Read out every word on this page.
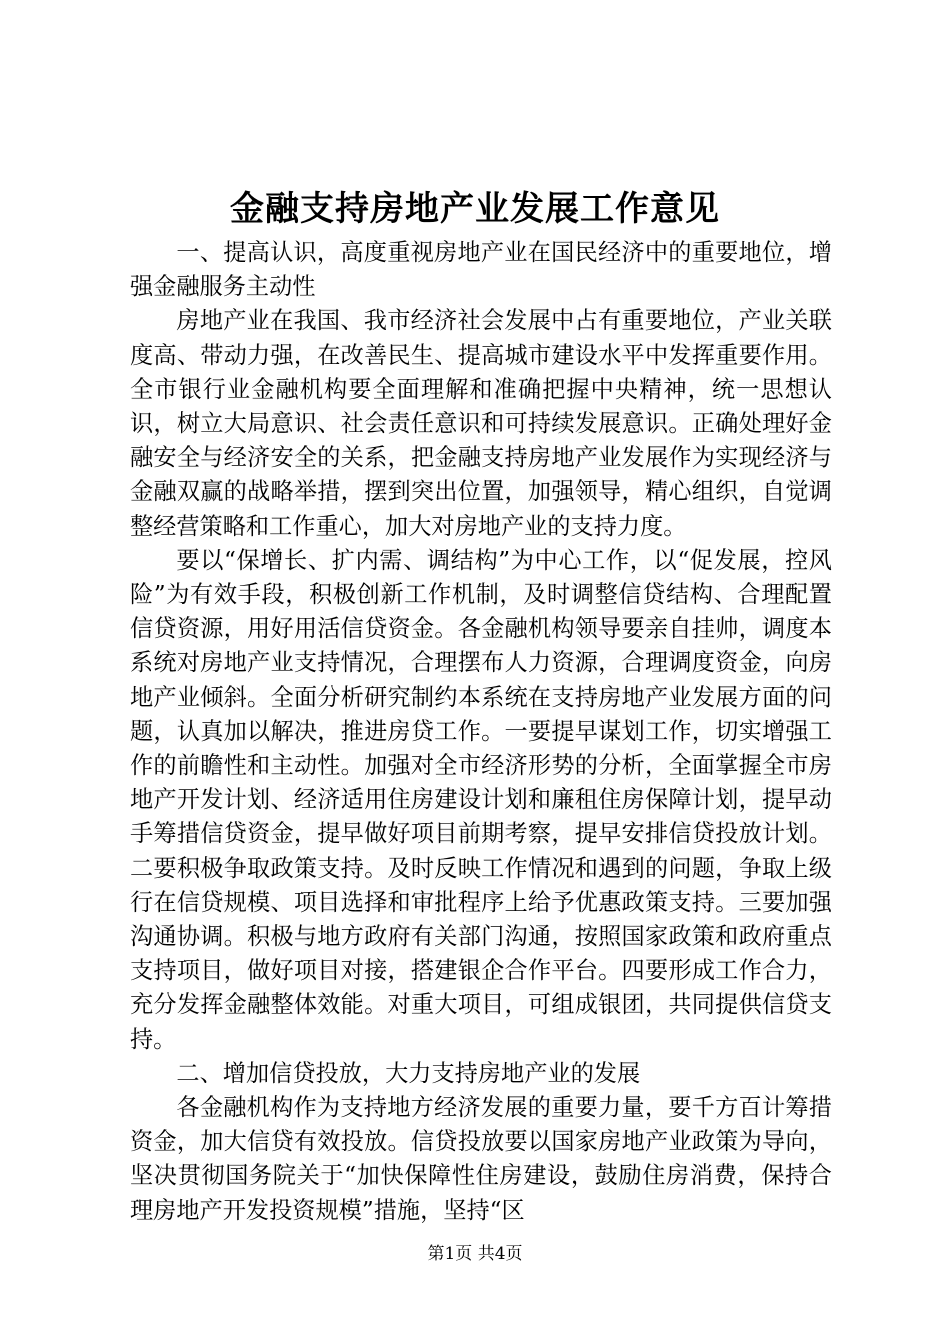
金融支持房地产业发展工作意见

一、提高认识，高度重视房地产业在国民经济中的重要地位，增强金融服务主动性

房地产业在我国、我市经济社会发展中占有重要地位，产业关联度高、带动力强，在改善民生、提高城市建设水平中发挥重要作用。全市银行业金融机构要全面理解和准确把握中央精神，统一思想认识，树立大局意识、社会责任意识和可持续发展意识。正确处理好金融安全与经济安全的关系，把金融支持房地产业发展作为实现经济与金融双赢的战略举措，摆到突出位置，加强领导，精心组织，自觉调整经营策略和工作重心，加大对房地产业的支持力度。

要以“保增长、扩内需、调结构”为中心工作，以“促发展，控风险”为有效手段，积极创新工作机制，及时调整信贷结构、合理配置信贷资源，用好用活信贷资金。各金融机构领导要亲自挂帅，调度本系统对房地产业支持情况，合理摆布人力资源，合理调度资金，向房地产业倾斜。全面分析研究制约本系统在支持房地产业发展方面的问题，认真加以解决，推进房贷工作。一要提早谋划工作，切实增强工作的前瞻性和主动性。加强对全市经济形势的分析，全面掌握全市房地产开发计划、经济适用住房建设计划和廉租住房保障计划，提早动手筹措信贷资金，提早做好项目前期考察，提早安排信贷投放计划。二要积极争取政策支持。及时反映工作情况和遇到的问题，争取上级行在信贷规模、项目选择和审批程序上给予优惠政策支持。三要加强沟通协调。积极与地方政府有关部门沟通，按照国家政策和政府重点支持项目，做好项目对接，搭建银企合作平台。四要形成工作合力，充分发挥金融整体效能。对重大项目，可组成银团，共同提供信贷支持。

二、增加信贷投放，大力支持房地产业的发展

各金融机构作为支持地方经济发展的重要力量，要千方百计筹措资金，加大信贷有效投放。信贷投放要以国家房地产业政策为导向，坚决贯彻国务院关于“加快保障性住房建设，鼓励住房消费，保持合理房地产开发投资规模”措施，坚持“区

第1页 共4页
